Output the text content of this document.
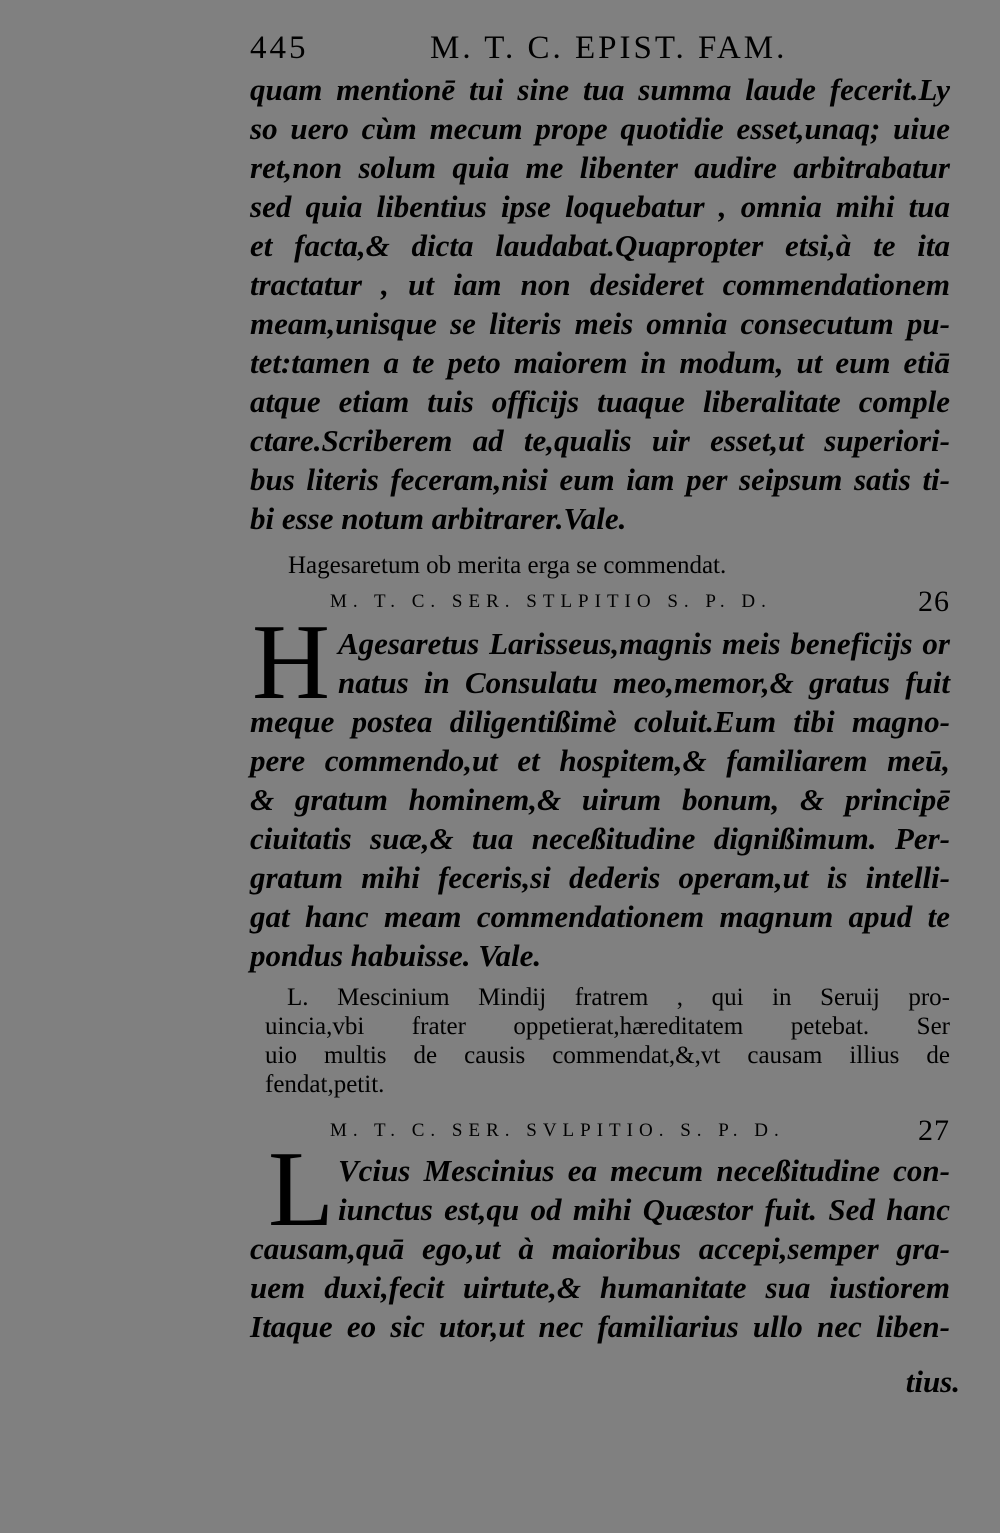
445	M. T. C. EPIST. FAM.
quam mentionē tui sine tua summa laude fecerit.Ly
so uero cùm mecum prope quotidie esset,unaq; uiue
ret,non solum quia me libenter audire arbitrabatur
sed quia libentius ipse loquebatur , omnia mihi tua
et facta,& dicta laudabat.Quapropter etsi,à te ita
tractatur , ut iam non desideret commendationem
meam,unisque se literis meis omnia consecutum pu-
tet:tamen a te peto maiorem in modum, ut eum etiā
atque etiam tuis officijs tuaque liberalitate comple
ctare.Scriberem ad te,qualis uir esset,ut superiori-
bus literis feceram,nisi eum iam per seipsum satis ti-
bi esse notum arbitrarer.Vale.
Hagesaretum ob merita erga se commendat.
M. T. C. SER. STLPITIO S. P. D.	26
H Agesaretus Larisseus,magnis meis beneficijs or
natus in Consulatu meo,memor,& gratus fuit
meque postea diligentißimè coluit.Eum tibi magno-
pere commendo,ut et hospitem,& familiarem meū,
& gratum hominem,& uirum bonum, & principē
ciuitatis suæ,& tua neceßitudine dignißimum. Per-
gratum mihi feceris,si dederis operam,ut is intelli-
gat hanc meam commendationem magnum apud te
pondus habuisse. Vale.
L. Mescinium Mindij fratrem , qui in Seruij pro-
uincia,vbi frater oppetierat,hæreditatem petebat. Ser
uio multis de causis commendat,&,vt causam illius de
fendat,petit.
M. T. C. SER. SVLPITIO. S. P. D.	27
L Vcius Mescinius ea mecum neceßitudine con-
iunctus est,qu od mihi Quæstor fuit. Sed hanc
causam,quā ego,ut à maioribus accepi,semper gra-
uem duxi,fecit uirtute,& humanitate sua iustiorem
Itaque eo sic utor,ut nec familiarius ullo nec liben-
tius.
